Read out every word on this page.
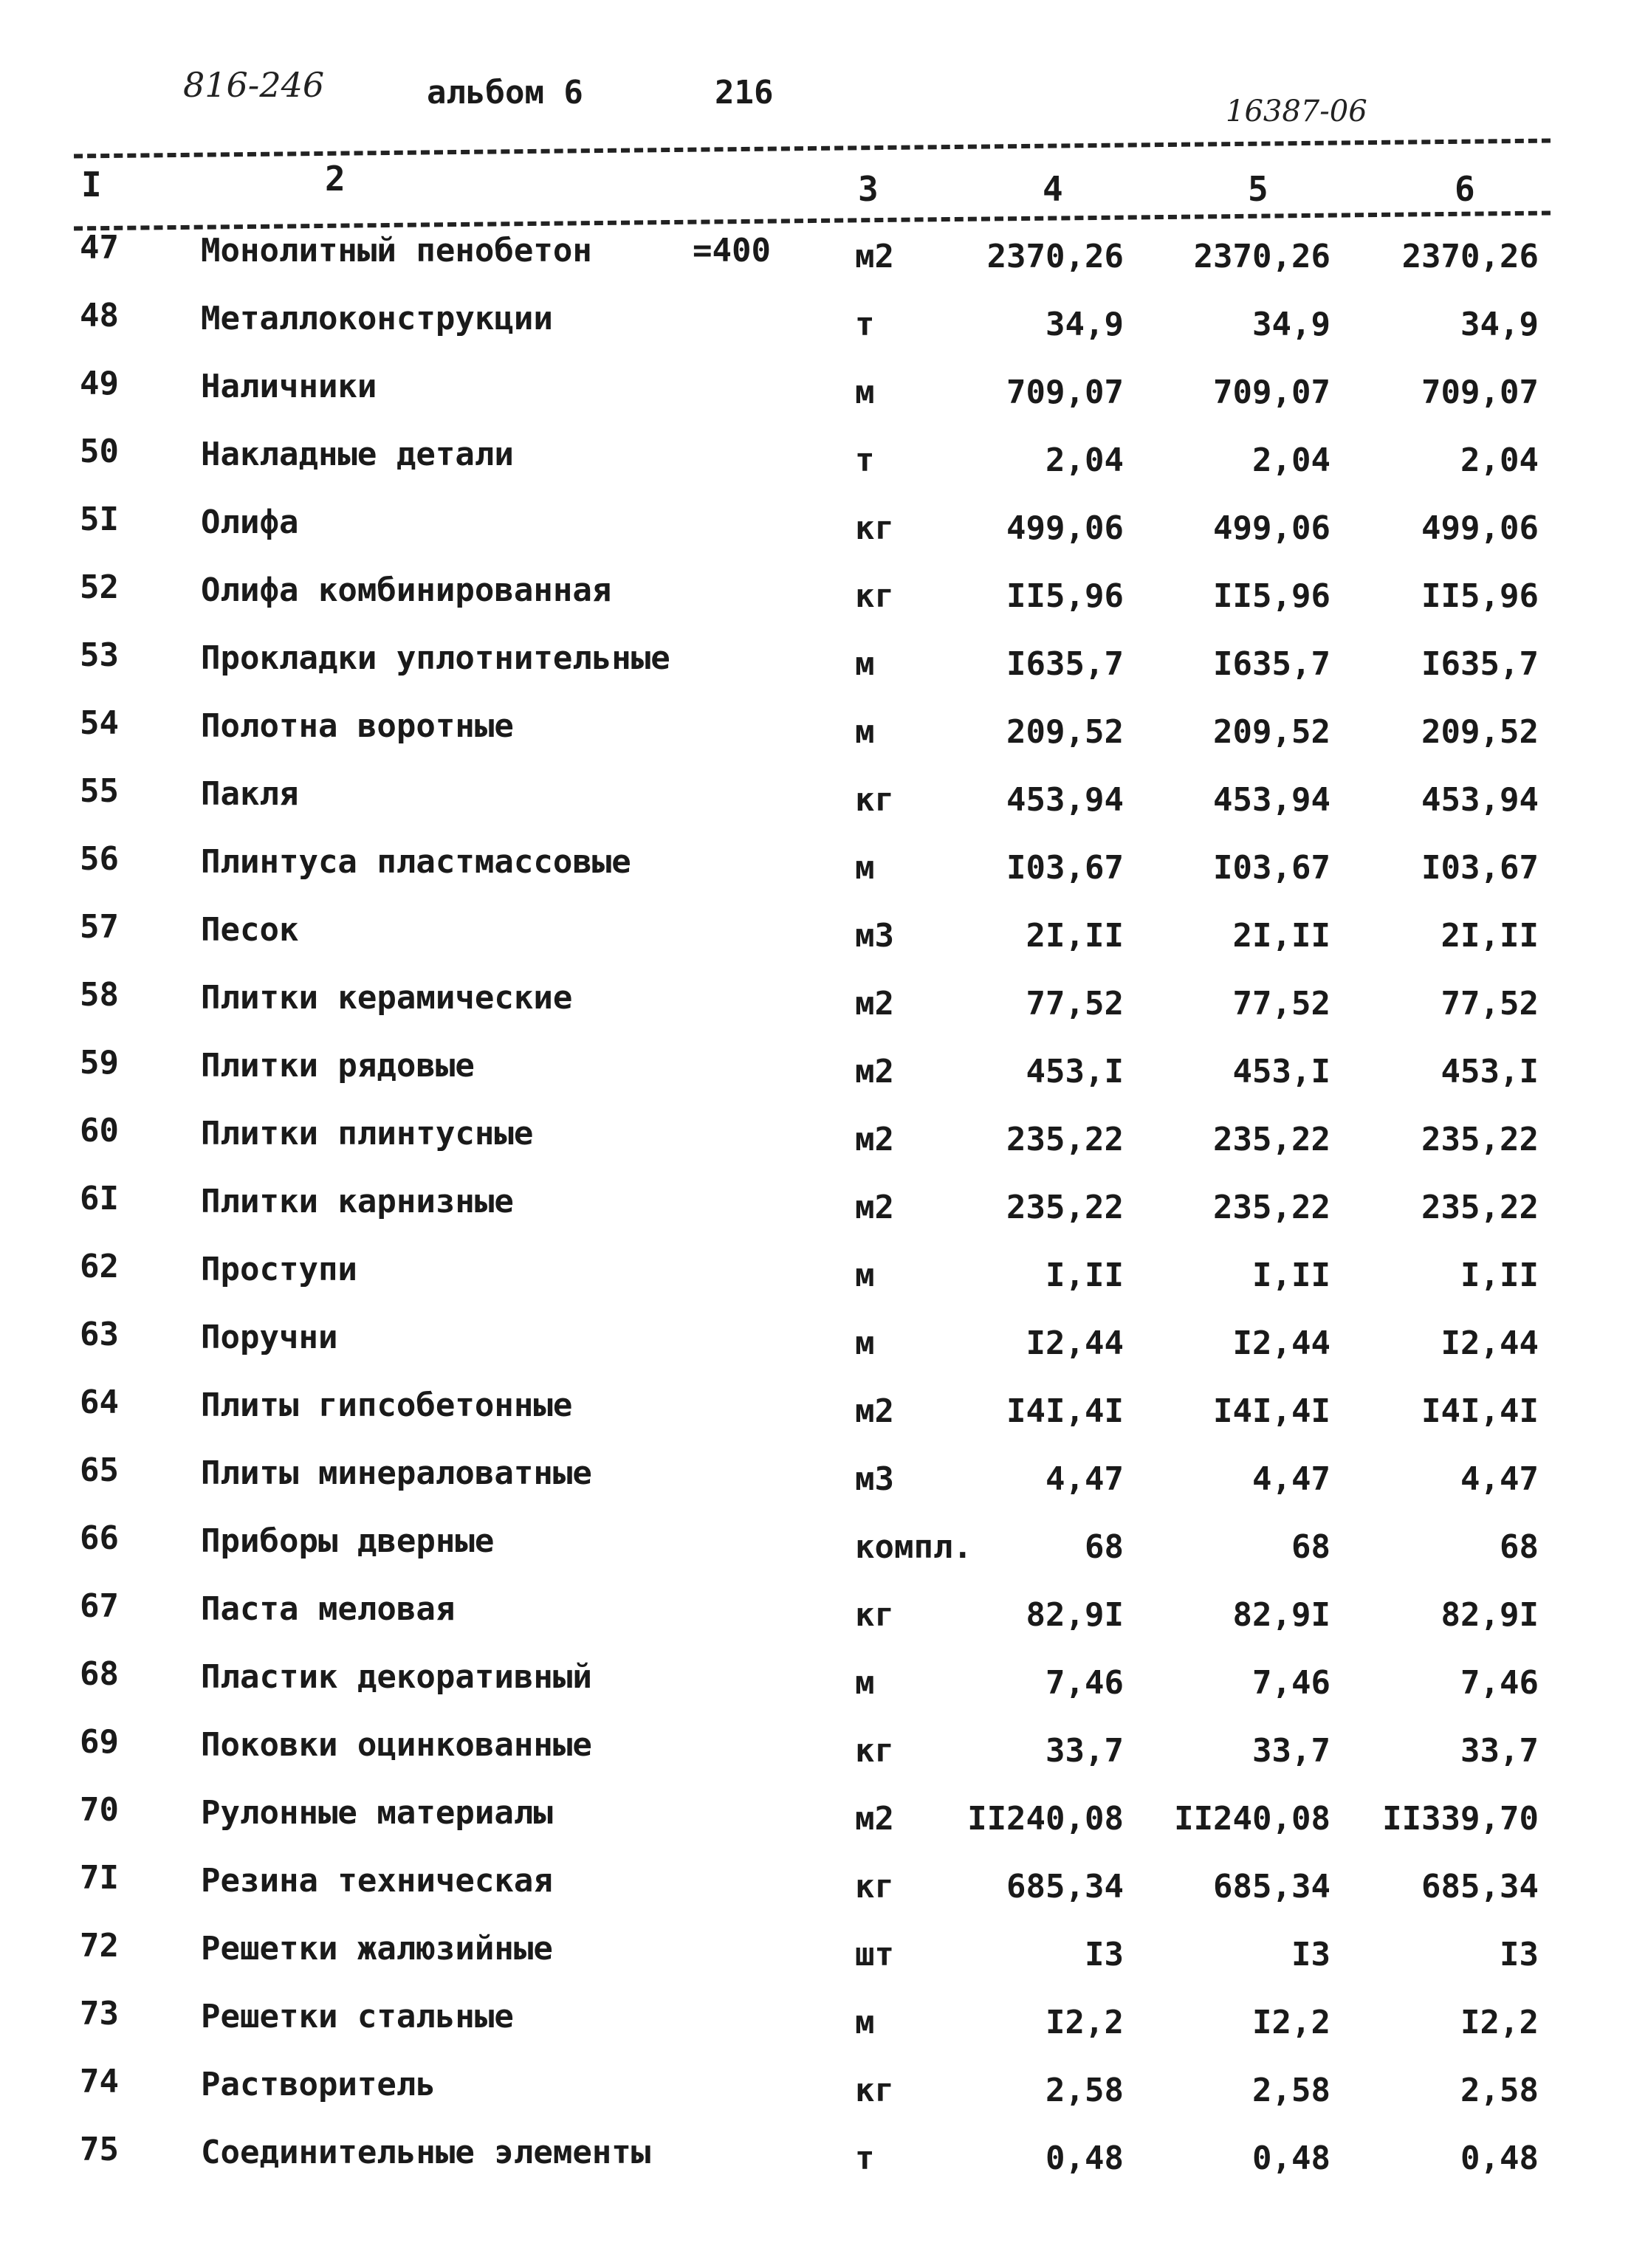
816-246	альбом 6	216	16387-06
I	2	3	4	5	6
47	Монолитный пенобетон	=400	м2	2370,26	2370,26	2370,26
48	Металлоконструкции	т	34,9	34,9	34,9
49	Наличники	м	709,07	709,07	709,07
50	Накладные детали	т	2,04	2,04	2,04
5I	Олифа	кг	499,06	499,06	499,06
52	Олифа комбинированная	кг	II5,96	II5,96	II5,96
53	Прокладки уплотнительные	м	I635,7	I635,7	I635,7
54	Полотна воротные	м	209,52	209,52	209,52
55	Пакля	кг	453,94	453,94	453,94
56	Плинтуса пластмассовые	м	I03,67	I03,67	I03,67
57	Песок	м3	2I,II	2I,II	2I,II
58	Плитки керамические	м2	77,52	77,52	77,52
59	Плитки рядовые	м2	453,I	453,I	453,I
60	Плитки плинтусные	м2	235,22	235,22	235,22
6I	Плитки карнизные	м2	235,22	235,22	235,22
62	Проступи	м	I,II	I,II	I,II
63	Поручни	м	I2,44	I2,44	I2,44
64	Плиты гипсобетонные	м2	I4I,4I	I4I,4I	I4I,4I
65	Плиты минераловатные	м3	4,47	4,47	4,47
66	Приборы дверные	компл.	68	68	68
67	Паста меловая	кг	82,9I	82,9I	82,9I
68	Пластик декоративный	м	7,46	7,46	7,46
69	Поковки оцинкованные	кг	33,7	33,7	33,7
70	Рулонные материалы	м2	II240,08	II240,08	II339,70
7I	Резина техническая	кг	685,34	685,34	685,34
72	Решетки жалюзийные	шт	I3	I3	I3
73	Решетки стальные	м	I2,2	I2,2	I2,2
74	Растворитель	кг	2,58	2,58	2,58
75	Соединительные элементы	т	0,48	0,48	0,48
